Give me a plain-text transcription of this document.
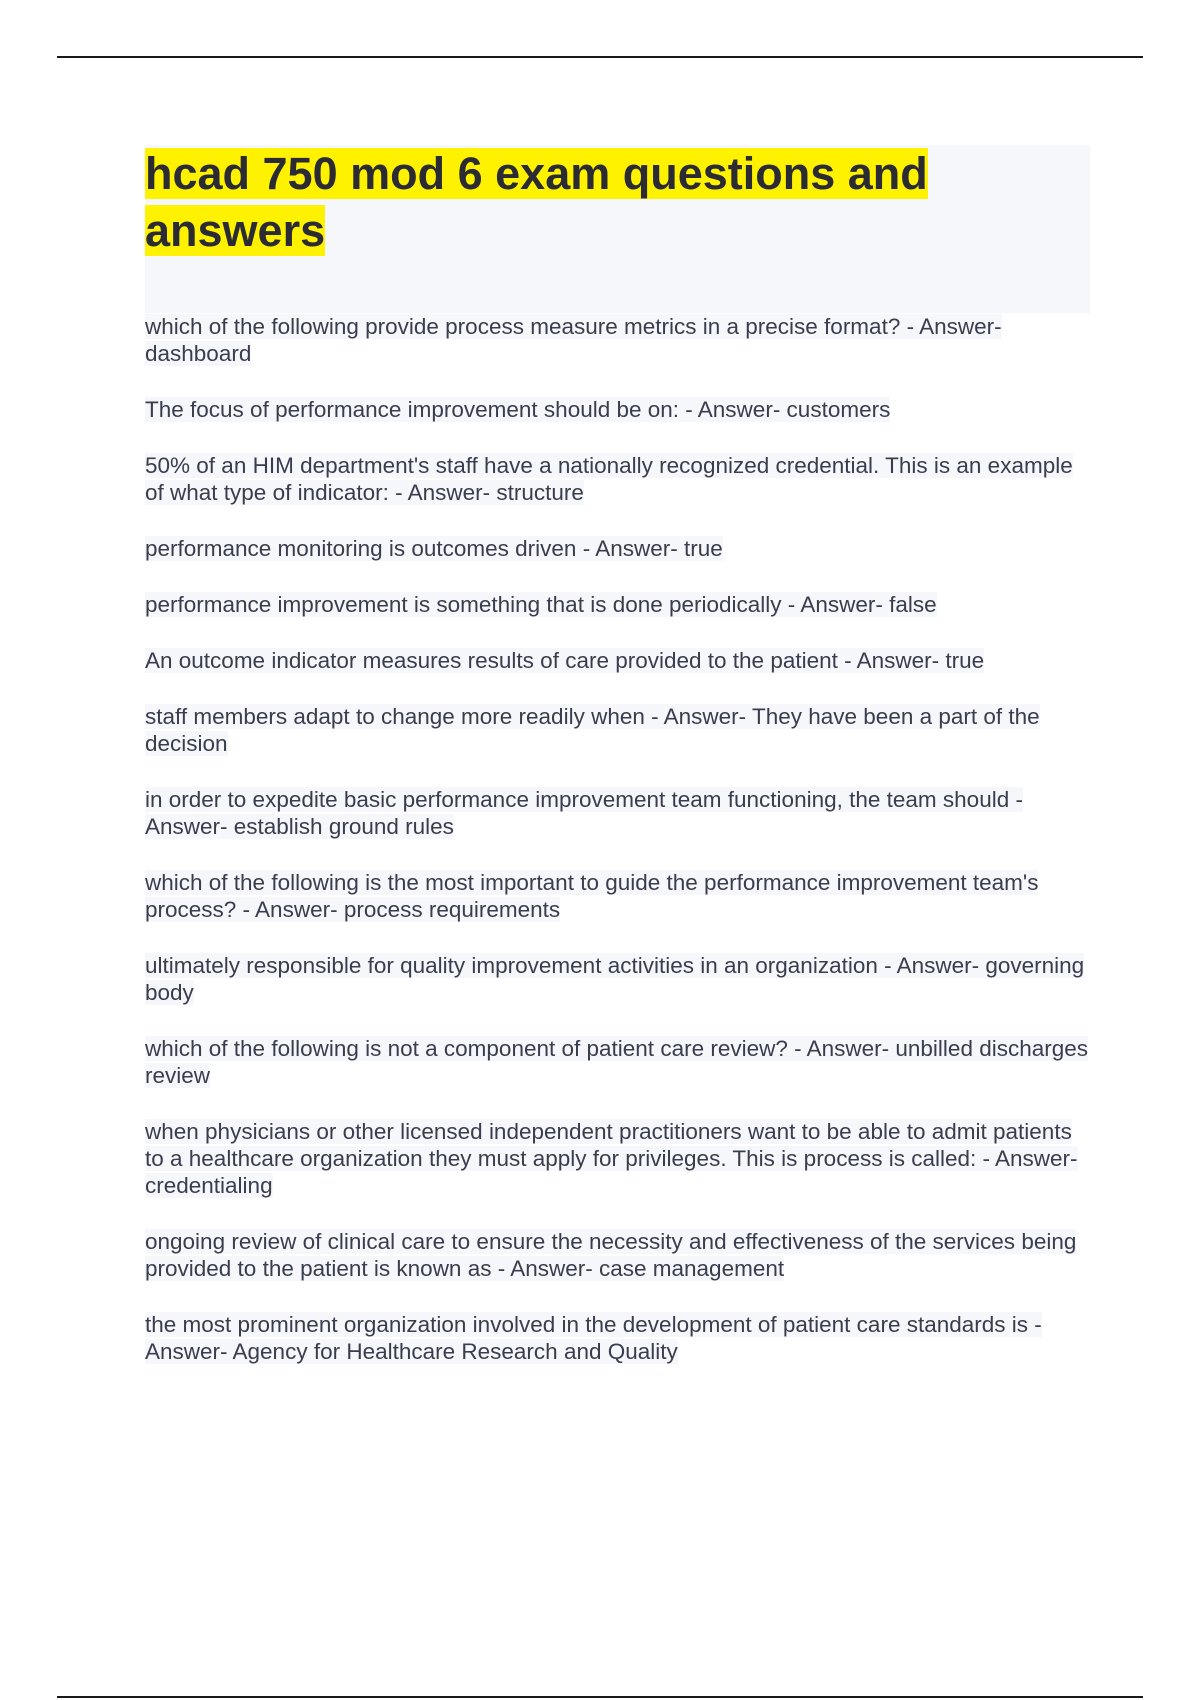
hcad 750 mod 6 exam questions and answers
which of the following provide process measure metrics in a precise format? - Answer- dashboard
The focus of performance improvement should be on: - Answer- customers
50% of an HIM department's staff have a nationally recognized credential. This is an example of what type of indicator: - Answer- structure
performance monitoring is outcomes driven - Answer- true
performance improvement is something that is done periodically - Answer- false
An outcome indicator measures results of care provided to the patient - Answer- true
staff members adapt to change more readily when - Answer- They have been a part of the decision
in order to expedite basic performance improvement team functioning, the team should - Answer- establish ground rules
which of the following is the most important to guide the performance improvement team's process? - Answer- process requirements
ultimately responsible for quality improvement activities in an organization - Answer- governing body
which of the following is not a component of patient care review? - Answer- unbilled discharges review
when physicians or other licensed independent practitioners want to be able to admit patients to a healthcare organization they must apply for privileges. This is process is called: - Answer- credentialing
ongoing review of clinical care to ensure the necessity and effectiveness of the services being provided to the patient is known as - Answer- case management
the most prominent organization involved in the development of patient care standards is - Answer- Agency for Healthcare Research and Quality
